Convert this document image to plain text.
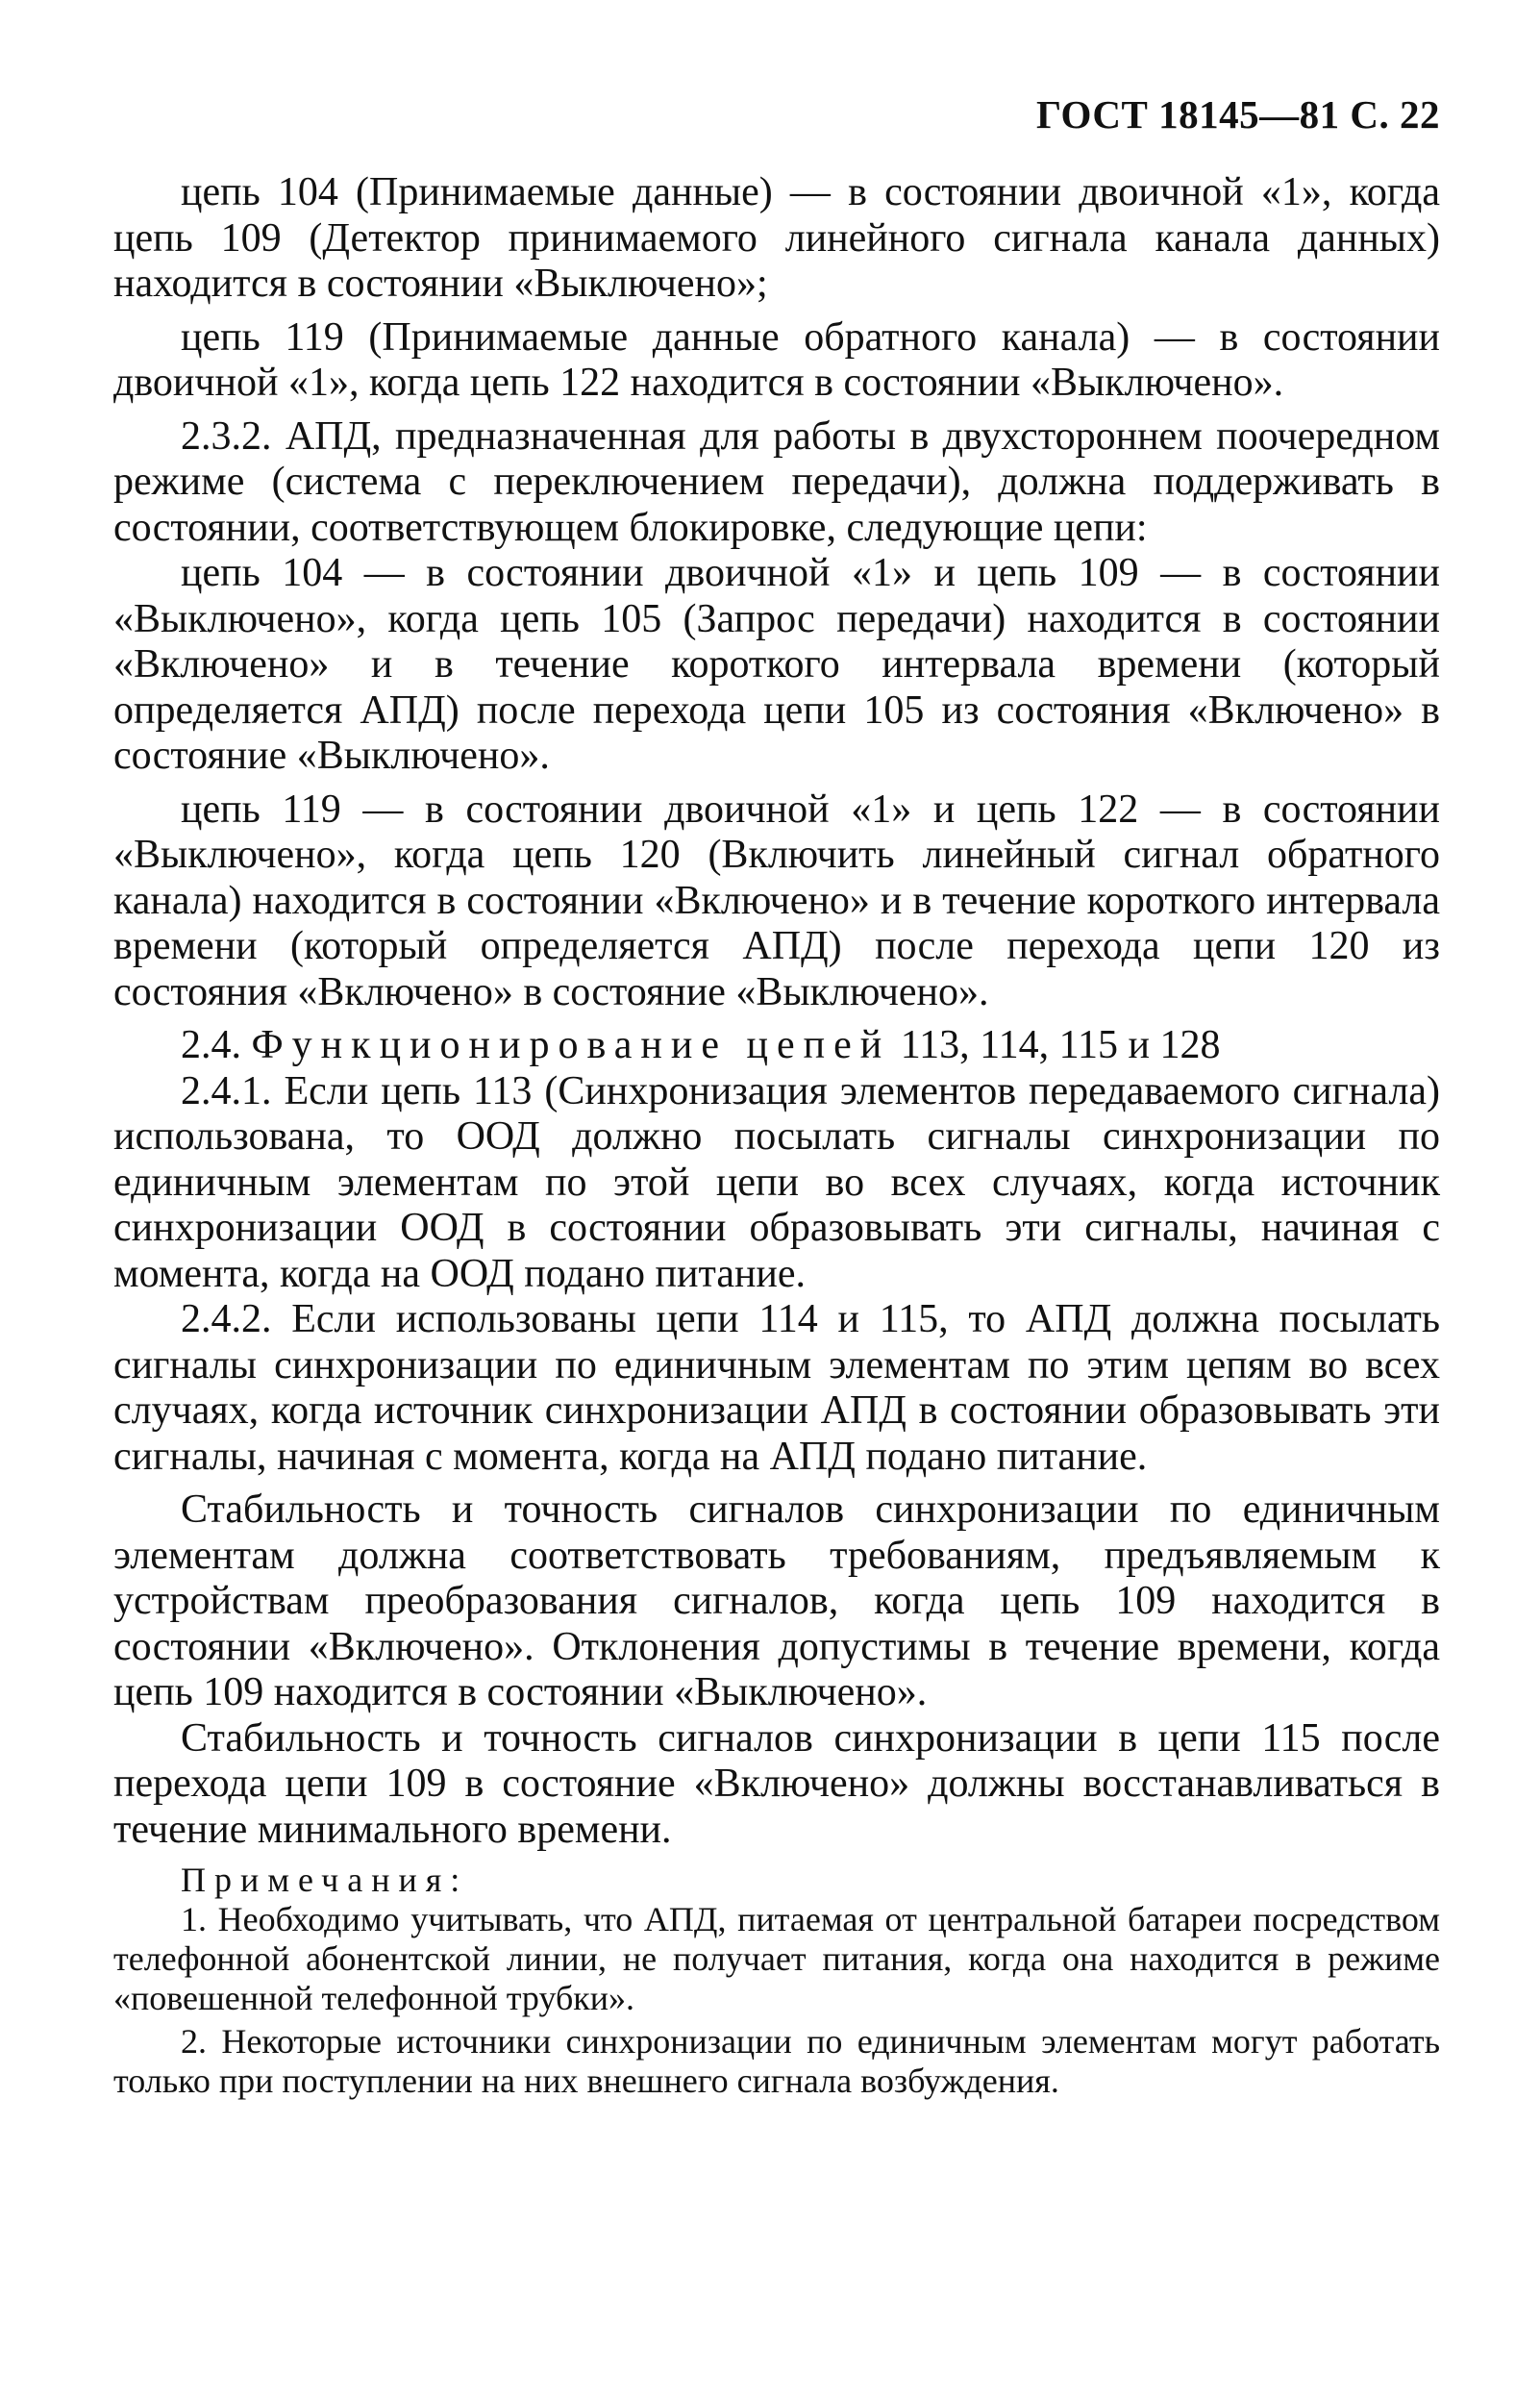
ГОСТ 18145—81 С. 22

цепь 104 (Принимаемые данные) — в состоянии двоичной «1», когда цепь 109 (Детектор принимаемого линейного сигнала канала данных) находится в состоянии «Выключено»;

цепь 119 (Принимаемые данные обратного канала) — в состоянии двоичной «1», когда цепь 122 находится в состоянии «Выключено».

2.3.2. АПД, предназначенная для работы в двухстороннем поочередном режиме (система с переключением передачи), должна поддерживать в состоянии, соответствующем блокировке, следующие цепи:

цепь 104 — в состоянии двоичной «1» и цепь 109 — в состоянии «Выключено», когда цепь 105 (Запрос передачи) находится в состоянии «Включено» и в течение короткого интервала времени (который определяется АПД) после перехода цепи 105 из состояния «Включено» в состояние «Выключено».

цепь 119 — в состоянии двоичной «1» и цепь 122 — в состоянии «Выключено», когда цепь 120 (Включить линейный сигнал обратного канала) находится в состоянии «Включено» и в течение короткого интервала времени (который определяется АПД) после перехода цепи 120 из состояния «Включено» в состояние «Выключено».

2.4. Функционирование цепей 113, 114, 115 и 128

2.4.1. Если цепь 113 (Синхронизация элементов передаваемого сигнала) использована, то ООД должно посылать сигналы синхронизации по единичным элементам по этой цепи во всех случаях, когда источник синхронизации ООД в состоянии образовывать эти сигналы, начиная с момента, когда на ООД подано питание.

2.4.2. Если использованы цепи 114 и 115, то АПД должна посылать сигналы синхронизации по единичным элементам по этим цепям во всех случаях, когда источник синхронизации АПД в состоянии образовывать эти сигналы, начиная с момента, когда на АПД подано питание.

Стабильность и точность сигналов синхронизации по единичным элементам должна соответствовать требованиям, предъявляемым к устройствам преобразования сигналов, когда цепь 109 находится в состоянии «Включено». Отклонения допустимы в течение времени, когда цепь 109 находится в состоянии «Выключено».

Стабильность и точность сигналов синхронизации в цепи 115 после перехода цепи 109 в состояние «Включено» должны восстанавливаться в течение минимального времени.

Примечания:

1. Необходимо учитывать, что АПД, питаемая от центральной батареи посредством телефонной абонентской линии, не получает питания, когда она находится в режиме «повешенной телефонной трубки».

2. Некоторые источники синхронизации по единичным элементам могут работать только при поступлении на них внешнего сигнала возбуждения.
